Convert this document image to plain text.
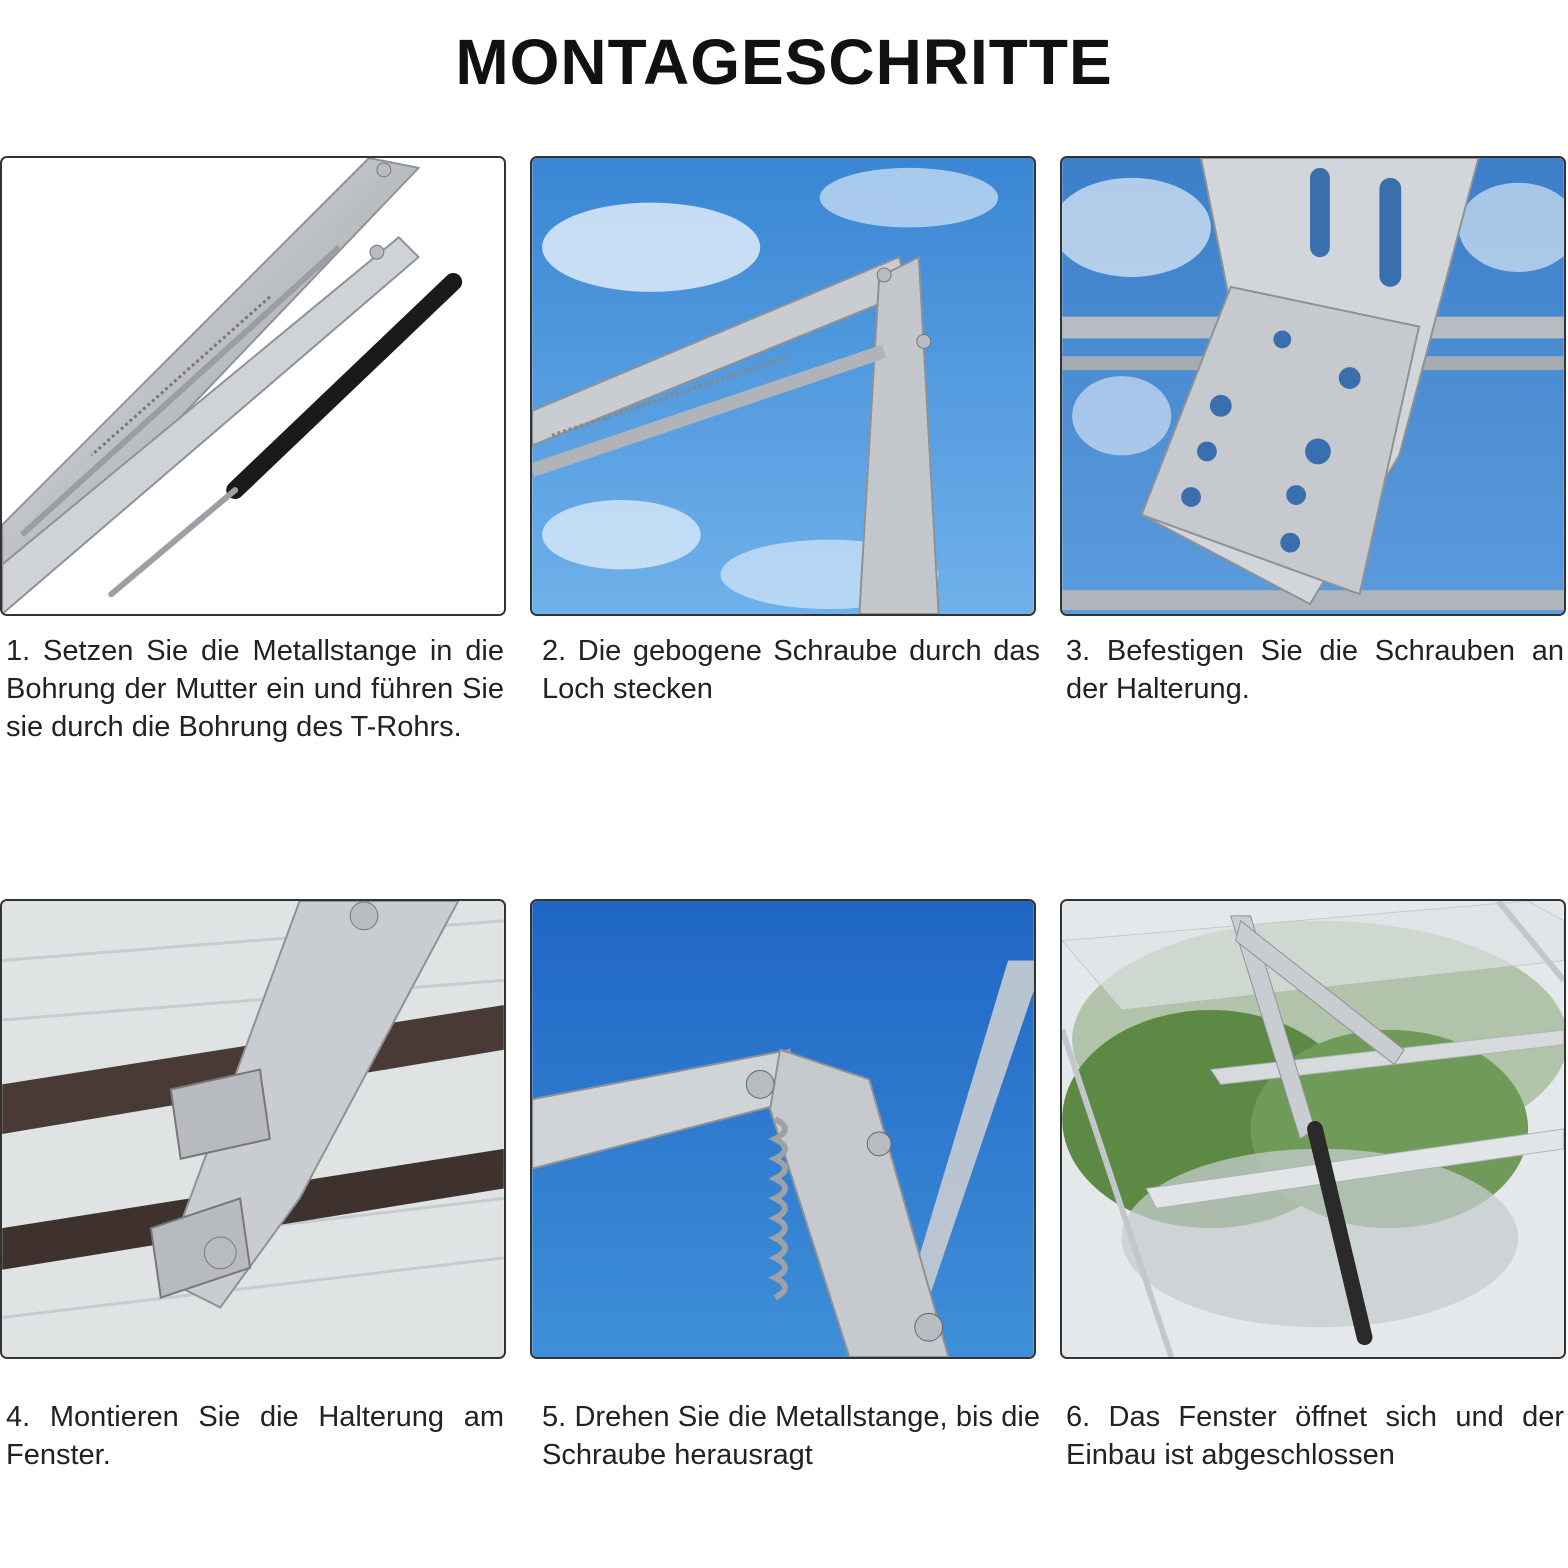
MONTAGESCHRITTE
1. Setzen Sie die Metallstange in die Bohrung der Mutter ein und führen Sie sie durch die Bohrung des T-Rohrs.
2. Die gebogene Schraube durch das Loch stecken
3. Befestigen Sie die Schrauben an der Halterung.
4. Montieren Sie die Halterung am Fenster.
5. Drehen Sie die Metallstange, bis die Schraube herausragt
6. Das Fenster öffnet sich und der Einbau ist abgeschlossen
